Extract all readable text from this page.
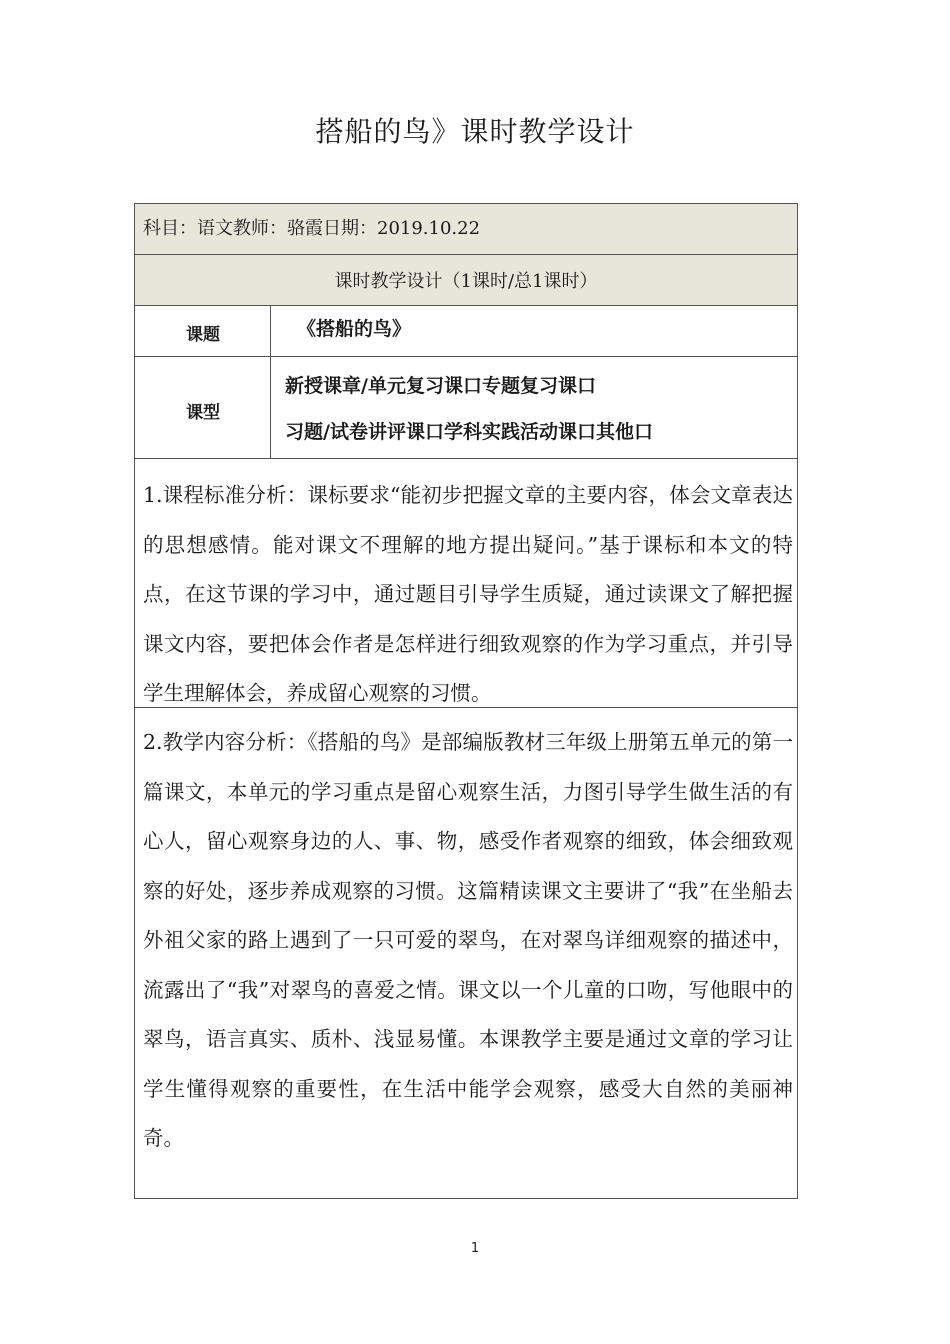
搭船的鸟》课时教学设计
科目：语文教师：骆霞日期：2019.10.22
课时教学设计（1课时/总1课时）
课题	《搭船的鸟》
课型
新授课章/单元复习课口专题复习课口
习题/试卷讲评课口学科实践活动课口其他口
1.课程标准分析：课标要求“能初步把握文章的主要内容，体会文章表达的思想感情。能对课文不理解的地方提出疑问。”基于课标和本文的特点，在这节课的学习中，通过题目引导学生质疑，通过读课文了解把握课文内容，要把体会作者是怎样进行细致观察的作为学习重点，并引导学生理解体会，养成留心观察的习惯。
2.教学内容分析：《搭船的鸟》是部编版教材三年级上册第五单元的第一篇课文，本单元的学习重点是留心观察生活，力图引导学生做生活的有心人，留心观察身边的人、事、物，感受作者观察的细致，体会细致观察的好处，逐步养成观察的习惯。这篇精读课文主要讲了“我”在坐船去外祖父家的路上遇到了一只可爱的翠鸟，在对翠鸟详细观察的描述中，流露出了“我”对翠鸟的喜爱之情。课文以一个儿童的口吻，写他眼中的翠鸟，语言真实、质朴、浅显易懂。本课教学主要是通过文章的学习让学生懂得观察的重要性，在生活中能学会观察，感受大自然的美丽神奇。
1
